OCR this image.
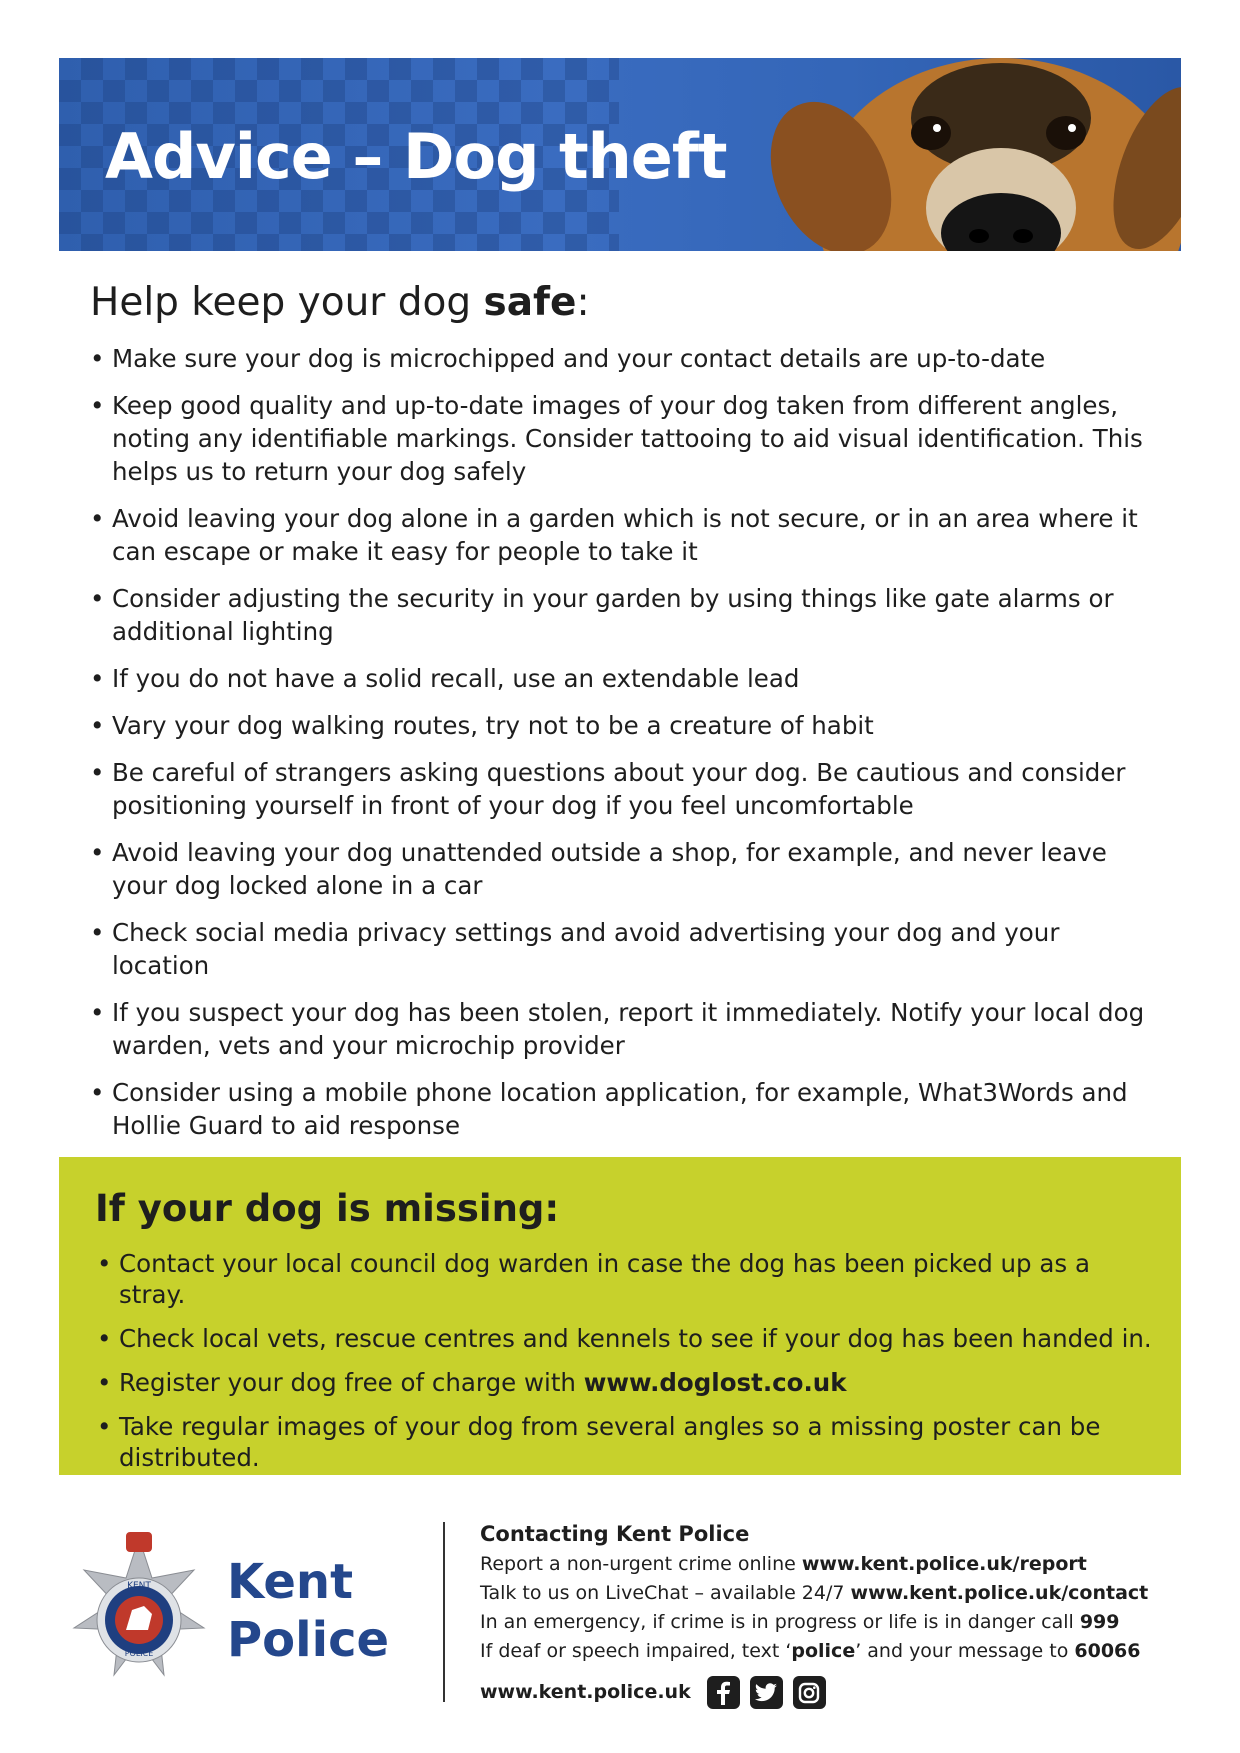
Advice – Dog theft
Help keep your dog safe:
• Make sure your dog is microchipped and your contact details are up-to-date
• Keep good quality and up-to-date images of your dog taken from different angles, noting any identifiable markings. Consider tattooing to aid visual identification. This helps us to return your dog safely
• Avoid leaving your dog alone in a garden which is not secure, or in an area where it can escape or make it easy for people to take it
• Consider adjusting the security in your garden by using things like gate alarms or additional lighting
• If you do not have a solid recall, use an extendable lead
• Vary your dog walking routes, try not to be a creature of habit
• Be careful of strangers asking questions about your dog. Be cautious and consider positioning yourself in front of your dog if you feel uncomfortable
• Avoid leaving your dog unattended outside a shop, for example, and never leave your dog locked alone in a car
• Check social media privacy settings and avoid advertising your dog and your location
• If you suspect your dog has been stolen, report it immediately. Notify your local dog warden, vets and your microchip provider
• Consider using a mobile phone location application, for example, What3Words and Hollie Guard to aid response
If your dog is missing:
• Contact your local council dog warden in case the dog has been picked up as a stray.
• Check local vets, rescue centres and kennels to see if your dog has been handed in.
• Register your dog free of charge with www.doglost.co.uk
• Take regular images of your dog from several angles so a missing poster can be distributed.
KENT
POLICE
Kent
Police
Contacting Kent Police
Report a non-urgent crime online www.kent.police.uk/report
Talk to us on LiveChat – available 24/7 www.kent.police.uk/contact
In an emergency, if crime is in progress or life is in danger call 999
If deaf or speech impaired, text ‘police’ and your message to 60066
www.kent.police.uk
